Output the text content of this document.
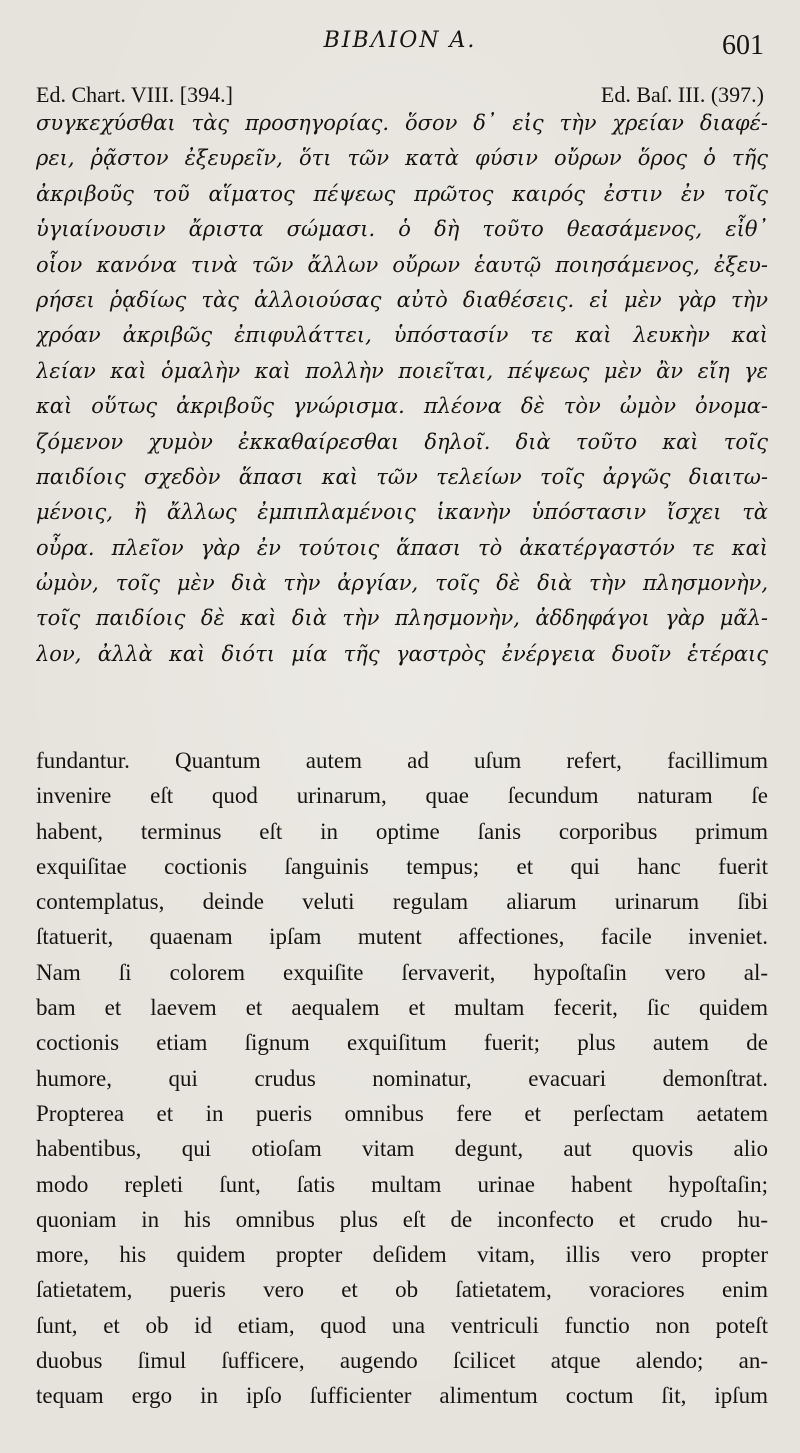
BIBΛΙΟΝ Α.	601
Ed. Chart. VIII. [394.]	Ed. Baſ. III. (397.)
συγκεχύσθαι τὰς προσηγορίας. ὅσον δ᾽ εἰς τὴν χρείαν διαφέ-
ρει, ῥᾷστον ἐξευρεῖν, ὅτι τῶν κατὰ φύσιν οὔρων ὅρος ὁ τῆς
ἀκριβοῦς τοῦ αἵματος πέψεως πρῶτος καιρός ἐστιν ἐν τοῖς
ὑγιαίνουσιν ἄριστα σώμασι. ὁ δὴ τοῦτο θεασάμενος, εἶθ᾽
οἷον κανόνα τινὰ τῶν ἄλλων οὔρων ἑαυτῷ ποιησάμενος, ἐξευ-
ρήσει ῥᾳδίως τὰς ἀλλοιούσας αὐτὸ διαθέσεις. εἰ μὲν γὰρ τὴν
χρόαν ἀκριβῶς ἐπιφυλάττει, ὑπόστασίν τε καὶ λευκὴν καὶ
λείαν καὶ ὁμαλὴν καὶ πολλὴν ποιεῖται, πέψεως μὲν ἂν εἴη γε
καὶ οὕτως ἀκριβοῦς γνώρισμα. πλέονα δὲ τὸν ὠμὸν ὀνομα-
ζόμενον χυμὸν ἐκκαθαίρεσθαι δηλοῖ. διὰ τοῦτο καὶ τοῖς
παιδίοις σχεδὸν ἅπασι καὶ τῶν τελείων τοῖς ἀργῶς διαιτω-
μένοις, ἢ ἄλλως ἐμπιπλαμένοις ἱκανὴν ὑπόστασιν ἴσχει τὰ
οὖρα. πλεῖον γὰρ ἐν τούτοις ἅπασι τὸ ἀκατέργαστόν τε καὶ
ὠμὸν, τοῖς μὲν διὰ τὴν ἀργίαν, τοῖς δὲ διὰ τὴν πλησμονὴν,
τοῖς παιδίοις δὲ καὶ διὰ τὴν πλησμονὴν, ἀδδηφάγοι γὰρ μᾶλ-
λον, ἀλλὰ καὶ διότι μία τῆς γαστρὸς ἐνέργεια δυοῖν ἑτέραις
fundantur. Quantum autem ad uſum refert, facillimum
invenire eſt quod urinarum, quae ſecundum naturam ſe
habent, terminus eſt in optime ſanis corporibus primum
exquiſitae coctionis ſanguinis tempus; et qui hanc fuerit
contemplatus, deinde veluti regulam aliarum urinarum ſibi
ſtatuerit, quaenam ipſam mutent affectiones, facile inveniet.
Nam ſi colorem exquiſite ſervaverit, hypoſtaſin vero al-
bam et laevem et aequalem et multam fecerit, ſic quidem
coctionis etiam ſignum exquiſitum fuerit; plus autem de
humore, qui crudus nominatur, evacuari demonſtrat.
Propterea et in pueris omnibus fere et perſectam aetatem
habentibus, qui otioſam vitam degunt, aut quovis alio
modo repleti ſunt, ſatis multam urinae habent hypoſtaſin;
quoniam in his omnibus plus eſt de inconfecto et crudo hu-
more, his quidem propter deſidem vitam, illis vero propter
ſatietatem, pueris vero et ob ſatietatem, voraciores enim
ſunt, et ob id etiam, quod una ventriculi functio non poteſt
duobus ſimul ſufficere, augendo ſcilicet atque alendo; an-
tequam ergo in ipſo ſufficienter alimentum coctum ſit, ipſum
